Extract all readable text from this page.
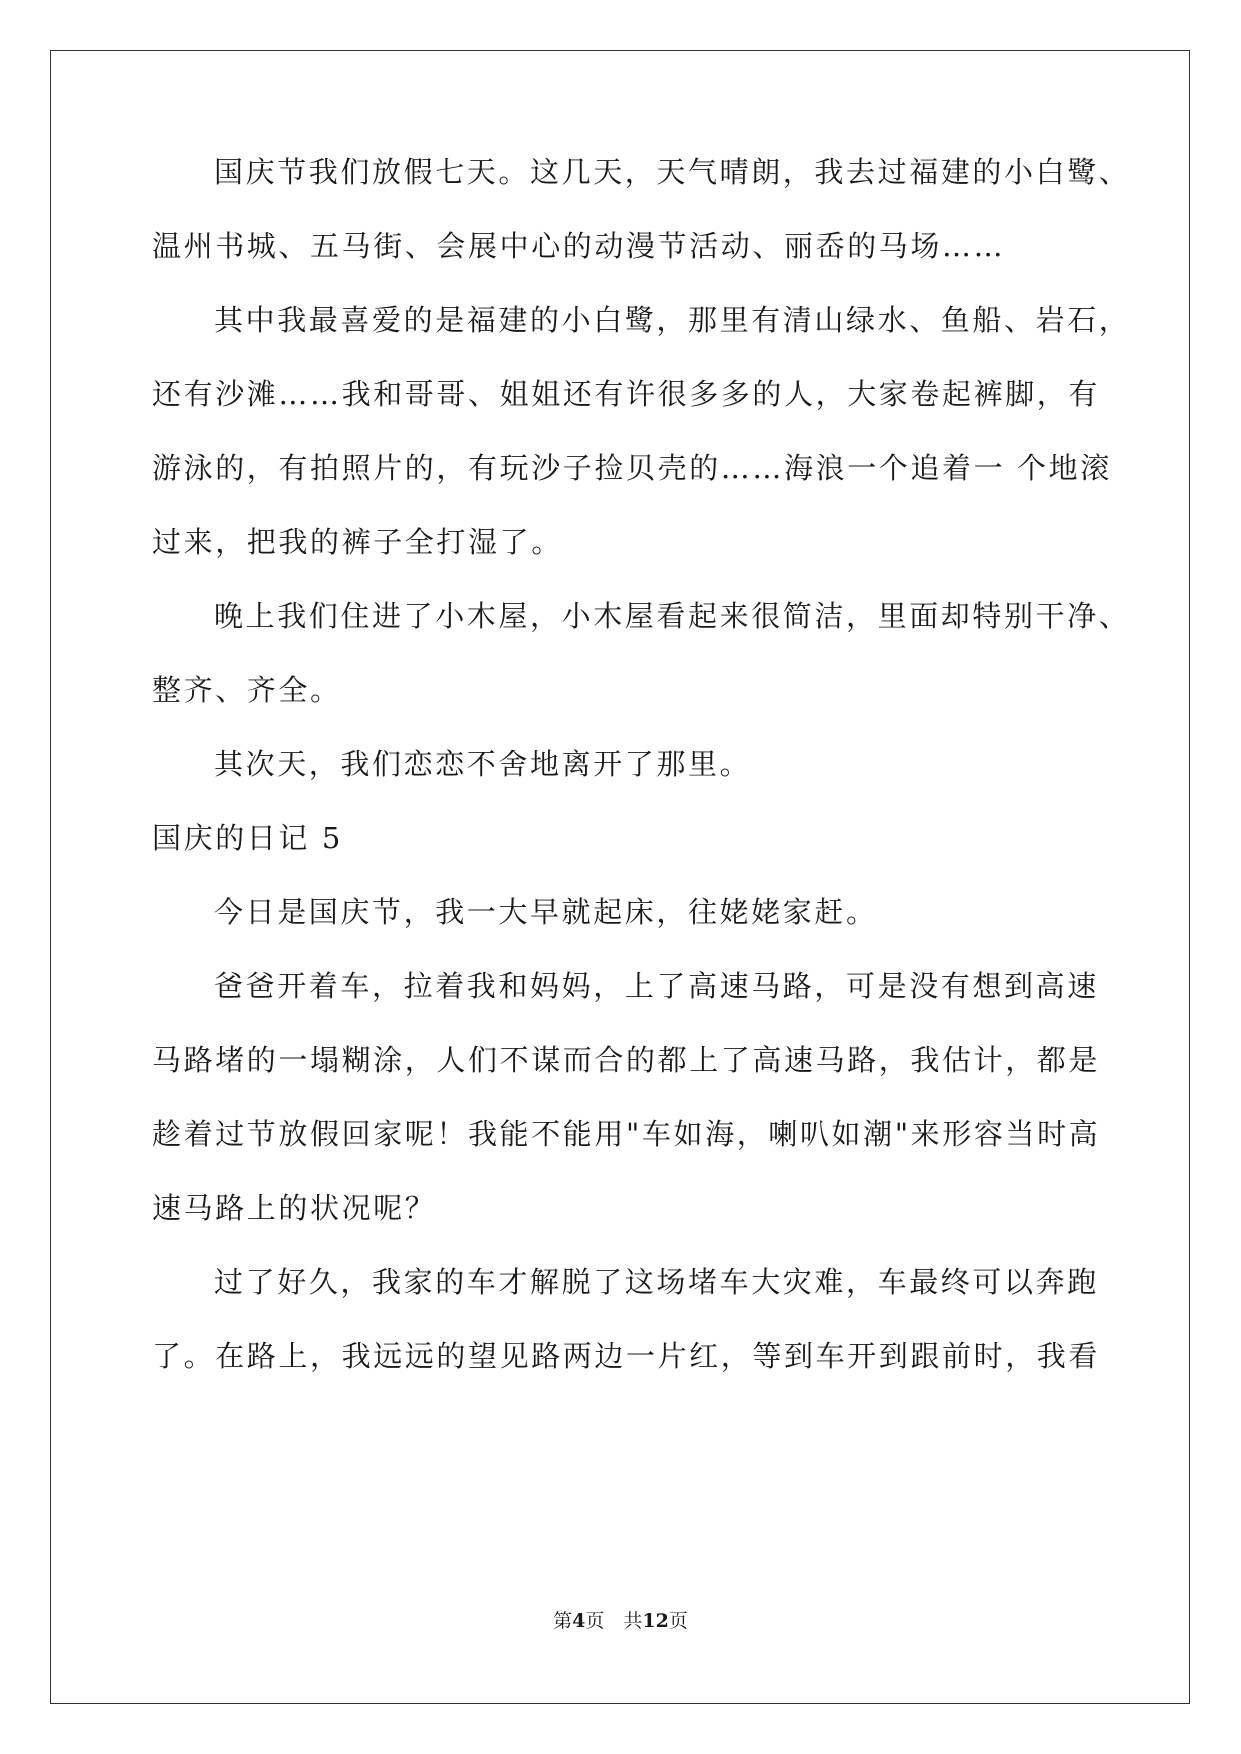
国庆节我们放假七天。这几天，天气晴朗，我去过福建的小白鹭、
温州书城、五马街、会展中心的动漫节活动、丽岙的马场……
其中我最喜爱的是福建的小白鹭，那里有清山绿水、鱼船、岩石，
还有沙滩……我和哥哥、姐姐还有许很多多的人，大家卷起裤脚，有
游泳的，有拍照片的，有玩沙子捡贝壳的……海浪一个追着一 个地滚
过来，把我的裤子全打湿了。
晚上我们住进了小木屋，小木屋看起来很简洁，里面却特别干净、
整齐、齐全。
其次天，我们恋恋不舍地离开了那里。
国庆的日记 5
今日是国庆节，我一大早就起床，往姥姥家赶。
爸爸开着车，拉着我和妈妈，上了高速马路，可是没有想到高速
马路堵的一塌糊涂，人们不谋而合的都上了高速马路，我估计，都是
趁着过节放假回家呢！我能不能用"车如海，喇叭如潮"来形容当时高
速马路上的状况呢？
过了好久，我家的车才解脱了这场堵车大灾难，车最终可以奔跑
了。在路上，我远远的望见路两边一片红，等到车开到跟前时，我看
第4页　共12页
